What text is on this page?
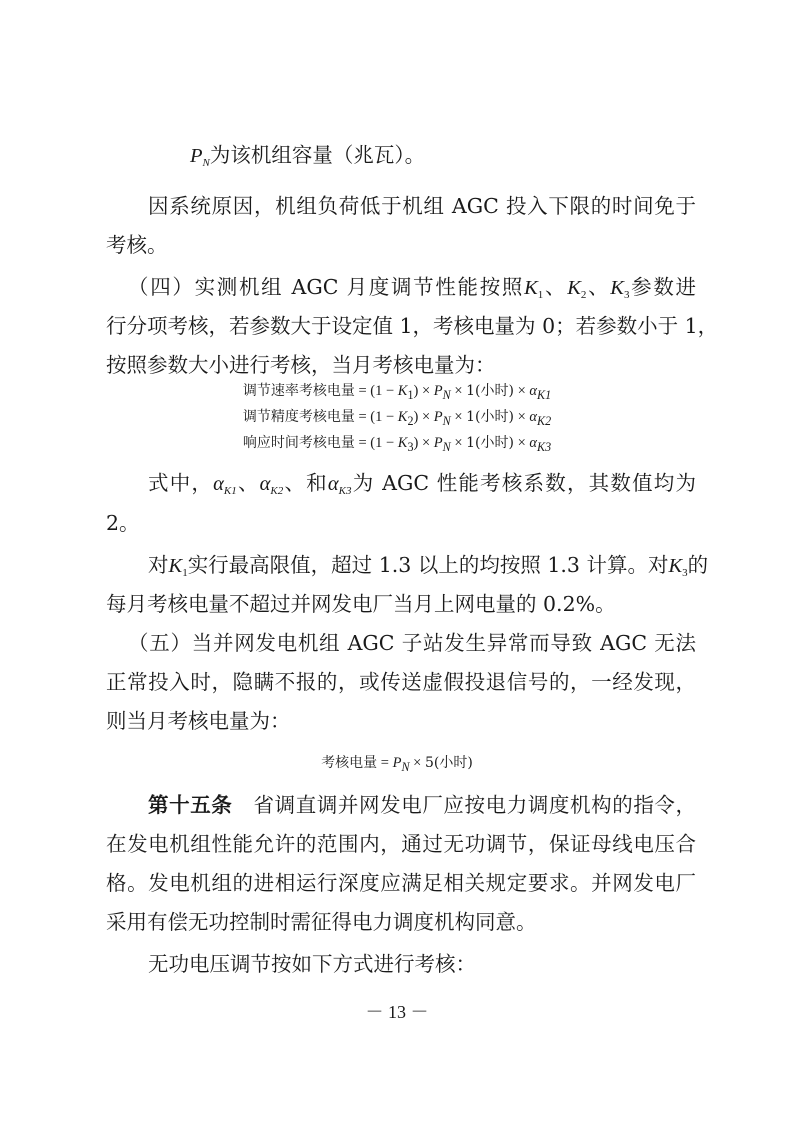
$P_N$为该机组容量（兆瓦）。
因系统原因，机组负荷低于机组 AGC 投入下限的时间免于
考核。
（四）实测机组 AGC 月度调节性能按照K1、K2、K3参数进
行分项考核，若参数大于设定值 1，考核电量为 0；若参数小于 1，
按照参数大小进行考核，当月考核电量为：
调节速率考核电量 = $(1 - K_1) \times P_N \times 1$(小时) × $\alpha_{K1}$
调节精度考核电量 = $(1 - K_2) \times P_N \times 1$(小时) × $\alpha_{K2}$
响应时间考核电量 = $(1 - K_3) \times P_N \times 1$(小时) × $\alpha_{K3}$
式中，$\alpha_{K1}$、$\alpha_{K2}$、和$\alpha_{K3}$为 AGC 性能考核系数，其数值均为
2。
对K1实行最高限值，超过 1.3 以上的均按照 1.3 计算。对K3的
每月考核电量不超过并网发电厂当月上网电量的 0.2%。
（五）当并网发电机组 AGC 子站发生异常而导致 AGC 无法
正常投入时，隐瞒不报的，或传送虚假投退信号的，一经发现，
则当月考核电量为：
考核电量 = $P_N \times 5$(小时)
第十五条　 省调直调并网发电厂应按电力调度机构的指令，
在发电机组性能允许的范围内，通过无功调节，保证母线电压合
格。发电机组的进相运行深度应满足相关规定要求。并网发电厂
采用有偿无功控制时需征得电力调度机构同意。
无功电压调节按如下方式进行考核：
－ 13 －
